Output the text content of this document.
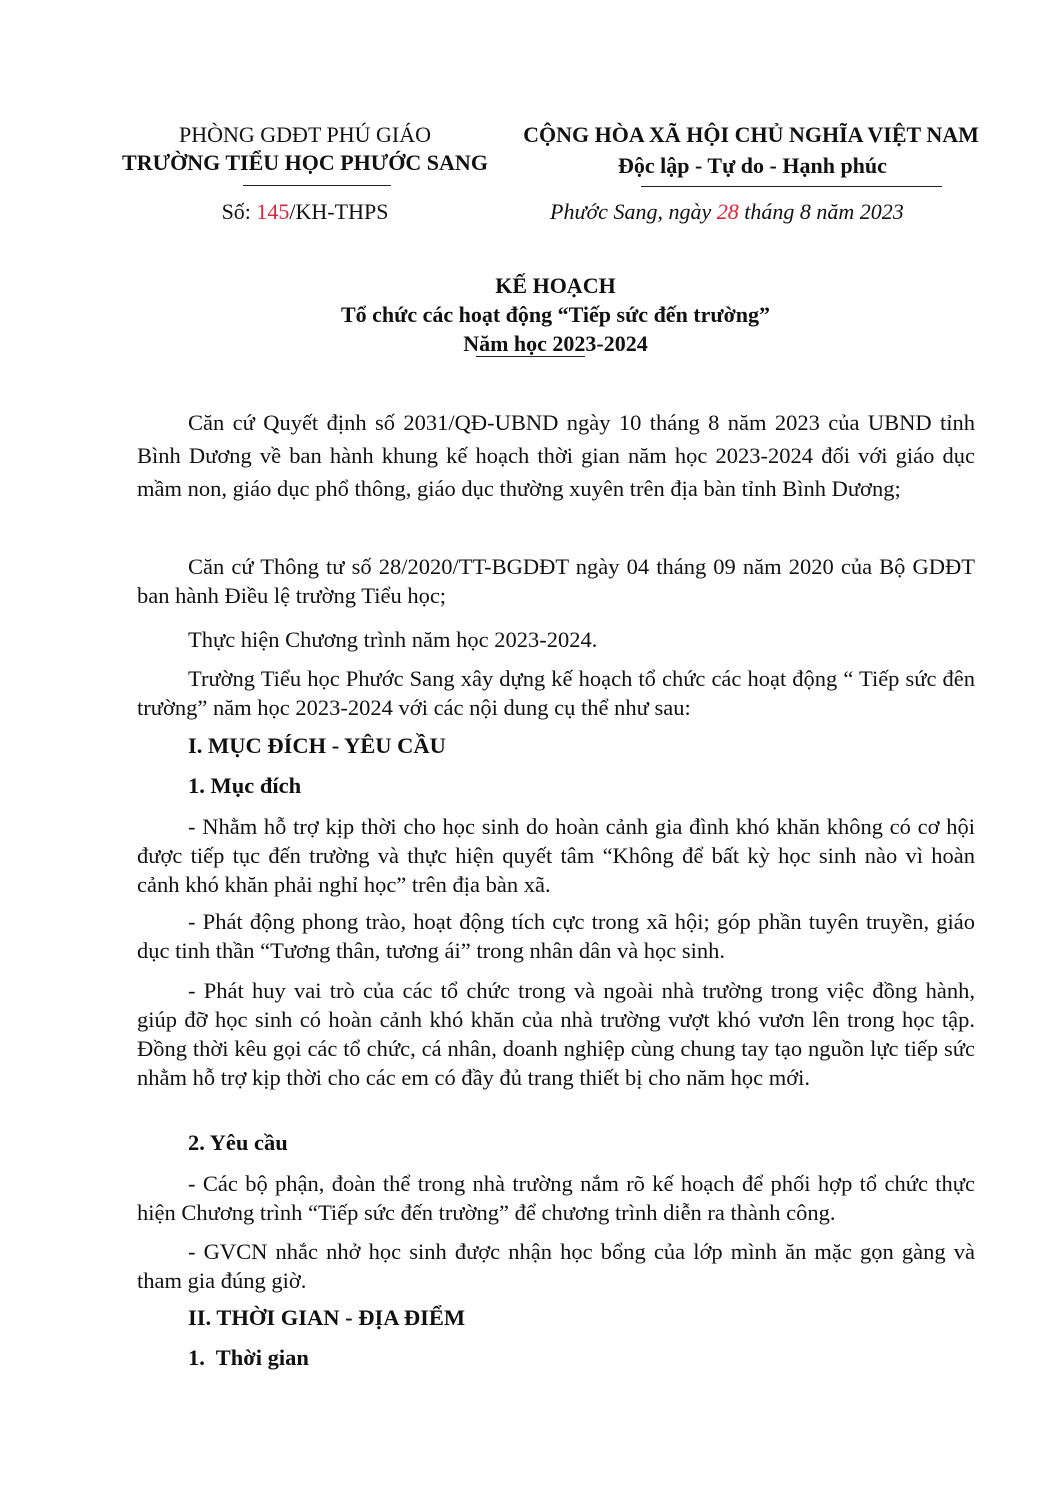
PHÒNG GDĐT PHÚ GIÁO
TRƯỜNG TIỂU HỌC PHƯỚC SANG
Số: 145/KH-THPS
CỘNG HÒA XÃ HỘI CHỦ NGHĨA VIỆT NAM
Độc lập - Tự do - Hạnh phúc
Phước Sang, ngày 28 tháng 8 năm 2023
KẾ HOẠCH
Tổ chức các hoạt động “Tiếp sức đến trường”
Năm học 2023-2024
Căn cứ Quyết định số 2031/QĐ-UBND ngày 10 tháng 8 năm 2023 của UBND tỉnh Bình Dương về ban hành khung kế hoạch thời gian năm học 2023-2024 đối với giáo dục mầm non, giáo dục phổ thông, giáo dục thường xuyên trên địa bàn tỉnh Bình Dương;
Căn cứ Thông tư số 28/2020/TT-BGDĐT ngày 04 tháng 09 năm 2020 của Bộ GDĐT ban hành Điều lệ trường Tiểu học;
Thực hiện Chương trình năm học 2023-2024.
Trường Tiểu học Phước Sang xây dựng kế hoạch tổ chức các hoạt động “ Tiếp sức đên trường” năm học 2023-2024 với các nội dung cụ thể như sau:
I. MỤC ĐÍCH - YÊU CẦU
1. Mục đích
- Nhằm hỗ trợ kịp thời cho học sinh do hoàn cảnh gia đình khó khăn không có cơ hội được tiếp tục đến trường và thực hiện quyết tâm “Không để bất kỳ học sinh nào vì hoàn cảnh khó khăn phải nghỉ học” trên địa bàn xã.
- Phát động phong trào, hoạt động tích cực trong xã hội; góp phần tuyên truyền, giáo dục tinh thần “Tương thân, tương ái” trong nhân dân và học sinh.
- Phát huy vai trò của các tổ chức trong và ngoài nhà trường trong việc đồng hành, giúp đỡ học sinh có hoàn cảnh khó khăn của nhà trường vượt khó vươn lên trong học tập. Đồng thời kêu gọi các tổ chức, cá nhân, doanh nghiệp cùng chung tay tạo nguồn lực tiếp sức nhằm hỗ trợ kịp thời cho các em có đầy đủ trang thiết bị cho năm học mới.
2. Yêu cầu
- Các bộ phận, đoàn thể trong nhà trường nắm rõ kế hoạch để phối hợp tổ chức thực hiện Chương trình “Tiếp sức đến trường” để chương trình diễn ra thành công.
- GVCN nhắc nhở học sinh được nhận học bổng của lớp mình ăn mặc gọn gàng và tham gia đúng giờ.
II. THỜI GIAN - ĐỊA ĐIỂM
1.  Thời gian
